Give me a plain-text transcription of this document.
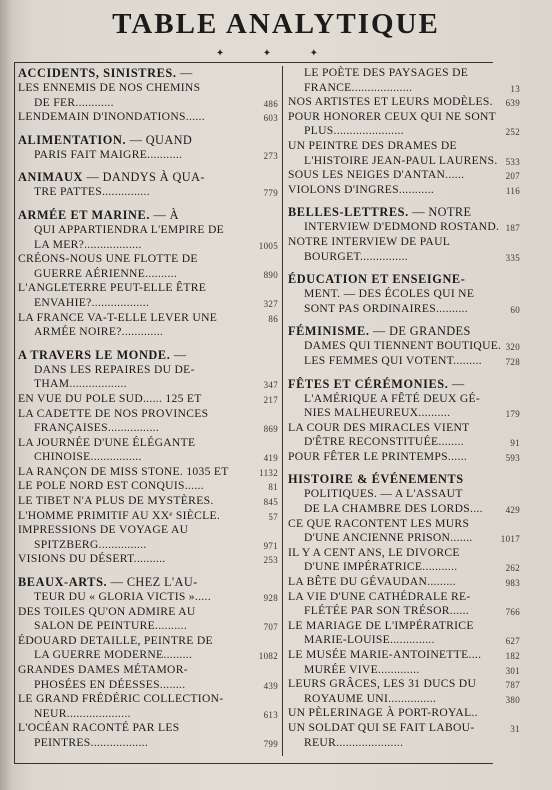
TABLE ANALYTIQUE
✦ ✦ ✦
ACCIDENTS, SINISTRES. —
LES ENNEMIS DE NOS CHEMINS
DE FER............	486
LENDEMAIN D'INONDATIONS......	603
ALIMENTATION. — QUAND
PARIS FAIT MAIGRE...........	273
ANIMAUX — DANDYS À QUA-
TRE PATTES...............	779
ARMÉE ET MARINE. — À
QUI APPARTIENDRA L'EMPIRE DE
LA MER?..................	1005
CRÉONS-NOUS UNE FLOTTE DE
GUERRE AÉRIENNE..........	890
L'ANGLETERRE PEUT-ELLE ÊTRE
ENVAHIE?..................	327
LA FRANCE VA-T-ELLE LEVER UNE	86
ARMÉE NOIRE?.............
A TRAVERS LE MONDE. —
DANS LES REPAIRES DU DE-
THAM..................	347
EN VUE DU POLE SUD...... 125 ET	217
LA CADETTE DE NOS PROVINCES
FRANÇAISES................	869
LA JOURNÉE D'UNE ÉLÉGANTE
CHINOISE................	419
LA RANÇON DE MISS STONE. 1035 ET	1132
LE POLE NORD EST CONQUIS......	81
LE TIBET N'A PLUS DE MYSTÈRES.	845
L'HOMME PRIMITIF AU XXᵉ SIÈCLE.	57
IMPRESSIONS DE VOYAGE AU
SPITZBERG...............	971
VISIONS DU DÉSERT..........	253
BEAUX-ARTS. — CHEZ L'AU-
TEUR DU « GLORIA VICTIS ».....	928
DES TOILES QU'ON ADMIRE AU
SALON DE PEINTURE..........	707
ÉDOUARD DETAILLE, PEINTRE DE
LA GUERRE MODERNE.........	1082
GRANDES DAMES MÉTAMOR-
PHOSÉES EN DÉESSES........	439
LE GRAND FRÉDÉRIC COLLECTION-
NEUR....................	613
L'OCÉAN RACONTÉ PAR LES
PEINTRES..................	799
LE POÈTE DES PAYSAGES DE
FRANCE...................	13
NOS ARTISTES ET LEURS MODÈLES. 639
POUR HONORER CEUX QUI NE SONT
PLUS......................	252
UN PEINTRE DES DRAMES DE
L'HISTOIRE JEAN-PAUL LAURENS. 533
SOUS LES NEIGES D'ANTAN......	207
VIOLONS D'INGRES...........	116
BELLES-LETTRES. — NOTRE
INTERVIEW D'EDMOND ROSTAND. 187
NOTRE INTERVIEW DE PAUL
BOURGET...............	335
ÉDUCATION ET ENSEIGNE-
MENT. — DES ÉCOLES QUI NE
SONT PAS ORDINAIRES..........	60
FÉMINISME. — DE GRANDES
DAMES QUI TIENNENT BOUTIQUE. 320
LES FEMMES QUI VOTENT.........	728
FÊTES ET CÉRÉMONIES. —
L'AMÉRIQUE A FÊTÉ DEUX GÉ-
NIES MALHEUREUX..........	179
LA COUR DES MIRACLES VIENT
D'ÊTRE RECONSTITUÉE........	91
POUR FÊTER LE PRINTEMPS......	593
HISTOIRE & ÉVÉNEMENTS
POLITIQUES. — A L'ASSAUT
DE LA CHAMBRE DES LORDS....	429
CE QUE RACONTENT LES MURS
D'UNE ANCIENNE PRISON.......	1017
IL Y A CENT ANS, LE DIVORCE
D'UNE IMPÉRATRICE...........	262
LA BÊTE DU GÉVAUDAN.........	983
LA VIE D'UNE CATHÉDRALE RE-
FLÉTÉE PAR SON TRÉSOR......	766
LE MARIAGE DE L'IMPÉRATRICE
MARIE-LOUISE..............	627
LE MUSÉE MARIE-ANTOINETTE....	182
MURÉE VIVE.............	301
LEURS GRÂCES, LES 31 DUCS DU	787
ROYAUME UNI...............	380
UN PÈLERINAGE À PORT-ROYAL..
UN SOLDAT QUI SE FAIT LABOU-	31
REUR.....................
